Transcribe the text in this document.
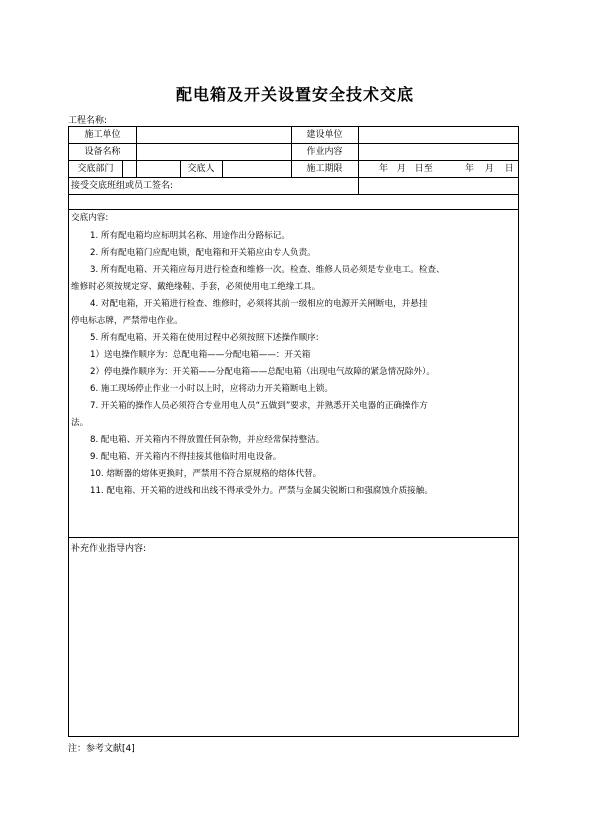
配电箱及开关设置安全技术交底
工程名称:
施工单位	建设单位
设备名称	作业内容
交底部门	交底人	施工期限	年 月 日至	年 月 日
接受交底班组或员工签名:
交底内容:
1. 所有配电箱均应标明其名称、用途作出分路标记。
2. 所有配电箱门应配电锁，配电箱和开关箱应由专人负责。
3. 所有配电箱、开关箱应每月进行检查和维修一次。检查、维修人员必须是专业电工。检查、
维修时必须按规定穿、戴绝缘鞋、手套，必须使用电工绝缘工具。
4. 对配电箱，开关箱进行检查、维修时，必须将其前一级相应的电源开关闸断电，并悬挂
停电标志牌，严禁带电作业。
5. 所有配电箱、开关箱在使用过程中必须按照下述操作顺序:
1）送电操作顺序为：总配电箱——分配电箱——：开关箱
2）停电操作顺序为：开关箱——分配电箱——总配电箱（出现电气故障的紧急情况除外）。
6. 施工现场停止作业一小时以上时，应将动力开关箱断电上锁。
7. 开关箱的操作人员必须符合专业用电人员“五做到”要求，并熟悉开关电器的正确操作方
法。
8. 配电箱、开关箱内不得放置任何杂物，并应经常保持整洁。
9. 配电箱、开关箱内不得挂接其他临时用电设备。
10. 熔断器的熔体更换时，严禁用不符合原规格的熔体代替。
11. 配电箱、开关箱的进线和出线不得承受外力。严禁与金属尖锐断口和强腐蚀介质接触。
补充作业指导内容:
注：参考文献[4]
